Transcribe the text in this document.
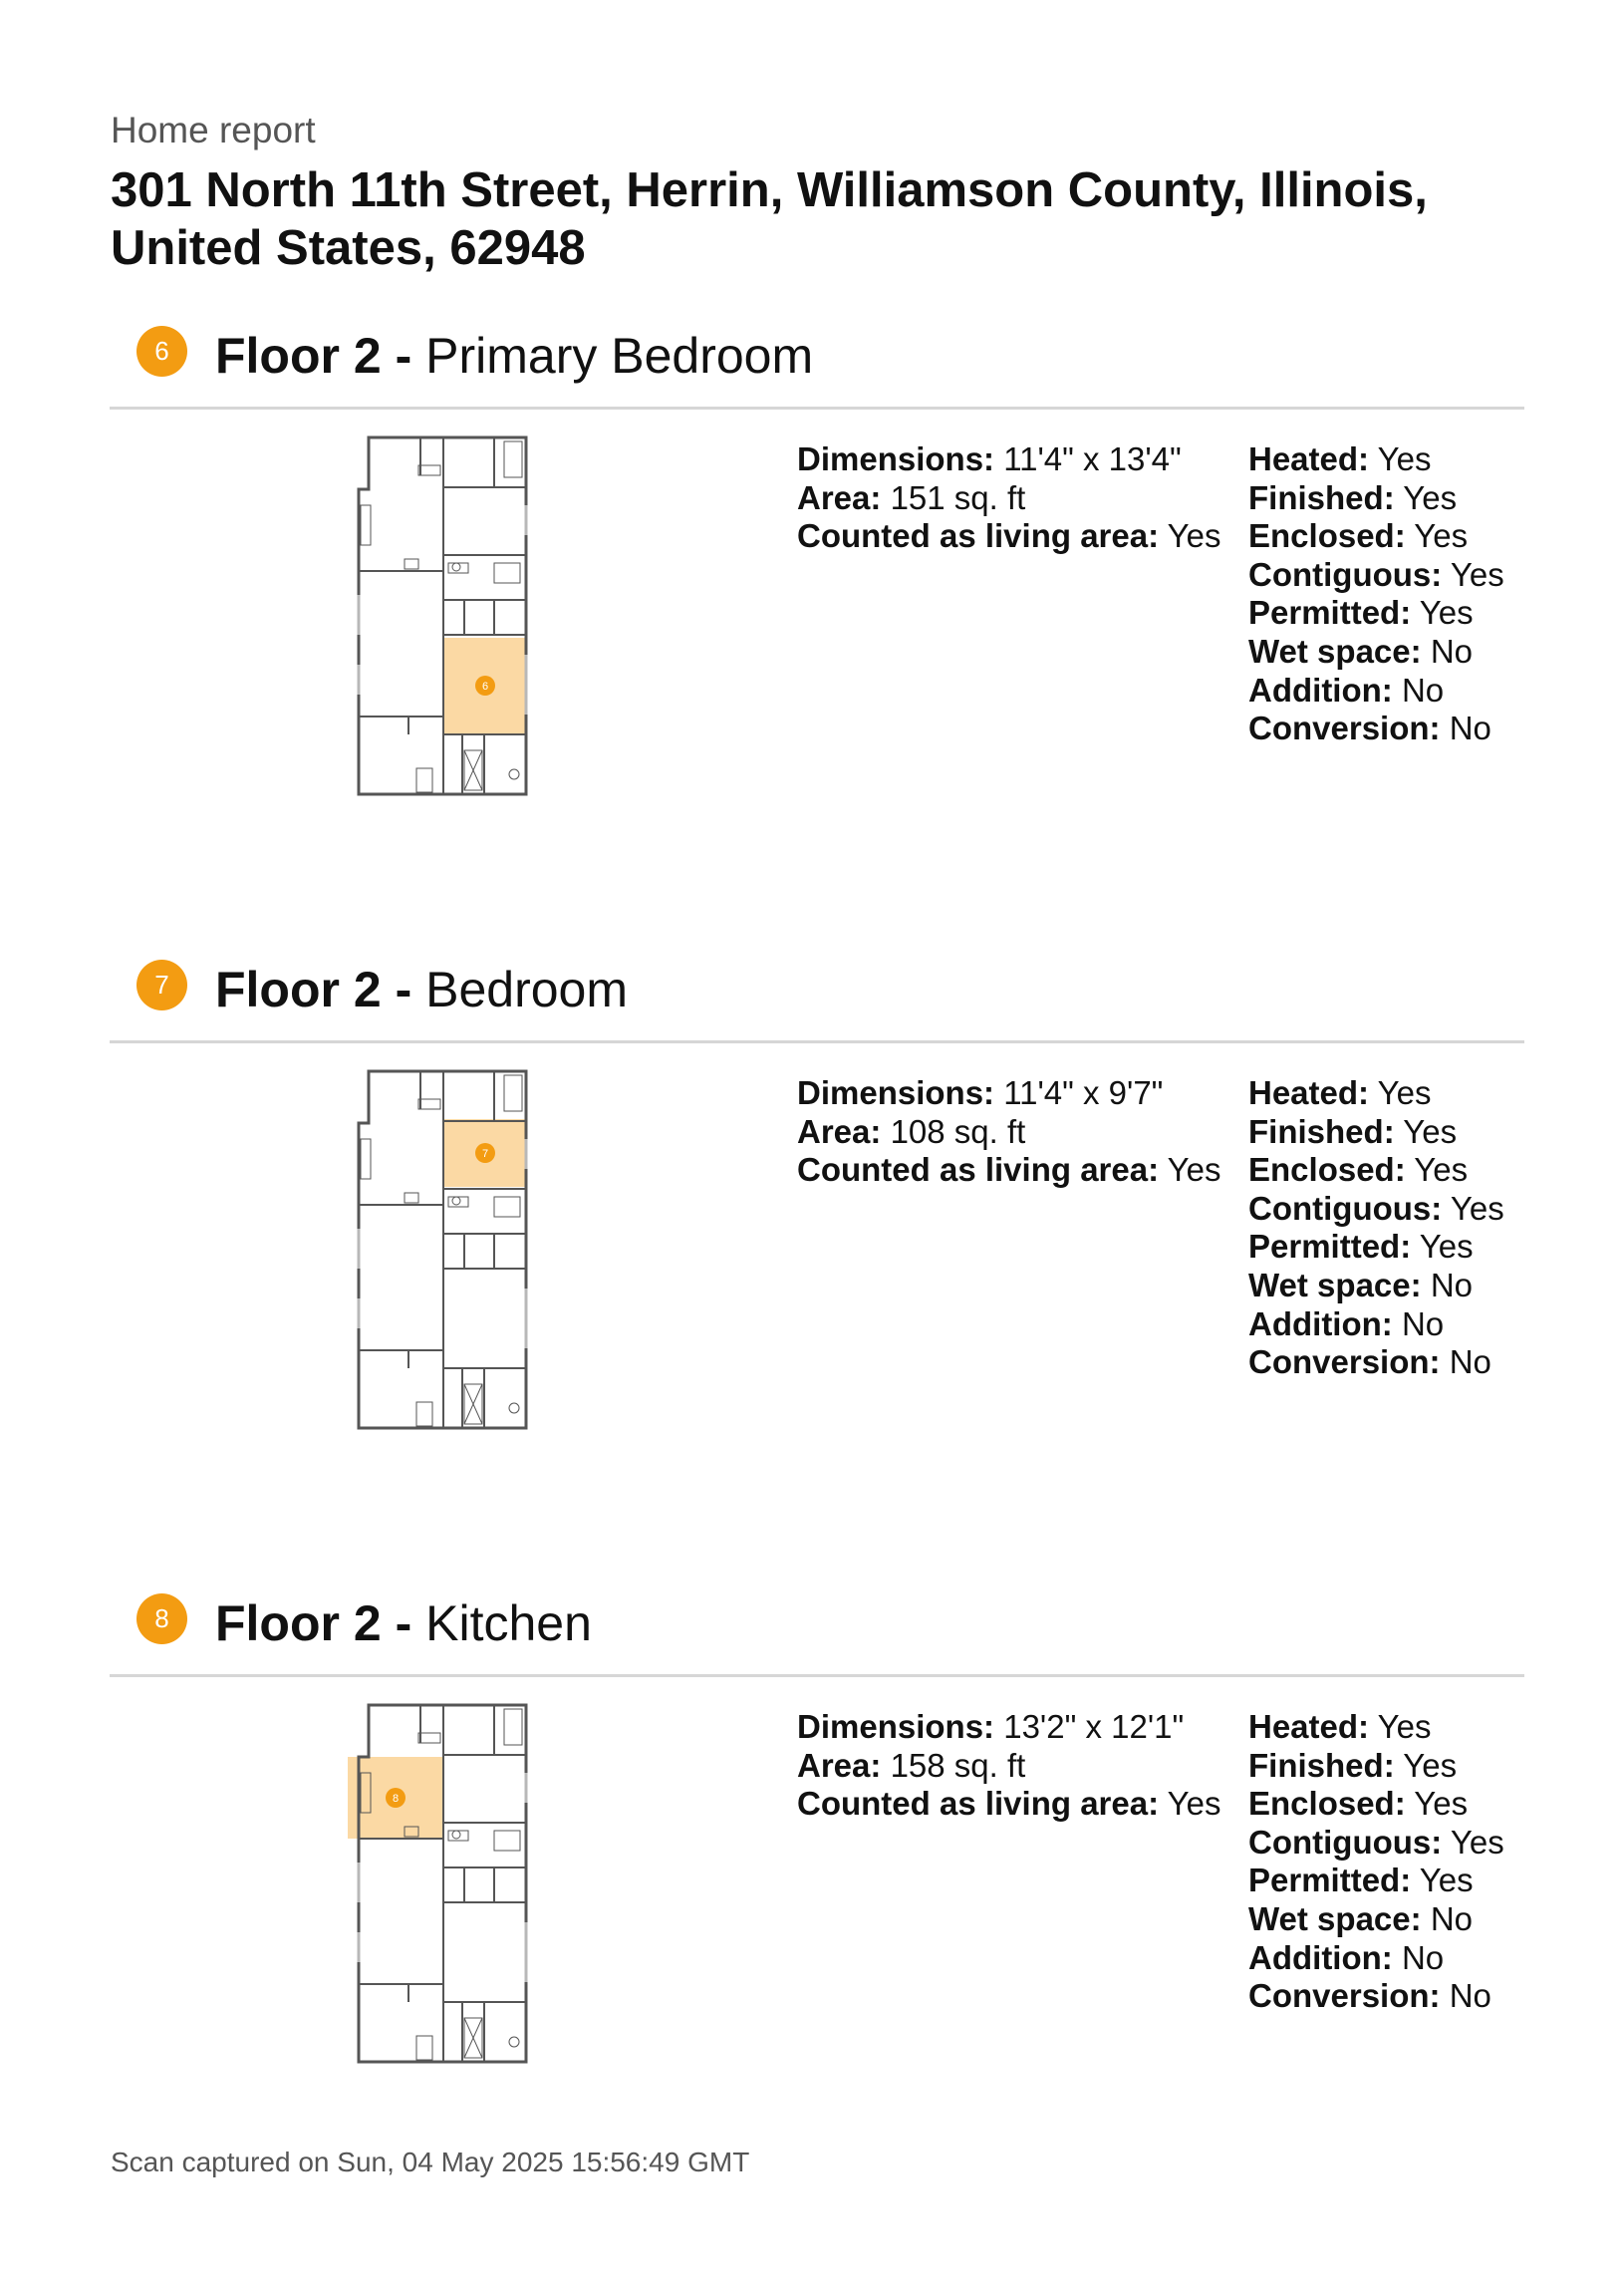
Home report
301 North 11th Street, Herrin, Williamson County, Illinois, United States, 62948
6 Floor 2 - Primary Bedroom
6
Dimensions: 11'4" x 13'4"
Area: 151 sq. ft
Counted as living area: Yes
Heated: Yes
Finished: Yes
Enclosed: Yes
Contiguous: Yes
Permitted: Yes
Wet space: No
Addition: No
Conversion: No
7 Floor 2 - Bedroom
7
Dimensions: 11'4" x 9'7"
Area: 108 sq. ft
Counted as living area: Yes
Heated: Yes
Finished: Yes
Enclosed: Yes
Contiguous: Yes
Permitted: Yes
Wet space: No
Addition: No
Conversion: No
8 Floor 2 - Kitchen
8
Dimensions: 13'2" x 12'1"
Area: 158 sq. ft
Counted as living area: Yes
Heated: Yes
Finished: Yes
Enclosed: Yes
Contiguous: Yes
Permitted: Yes
Wet space: No
Addition: No
Conversion: No
Scan captured on Sun, 04 May 2025 15:56:49 GMT
